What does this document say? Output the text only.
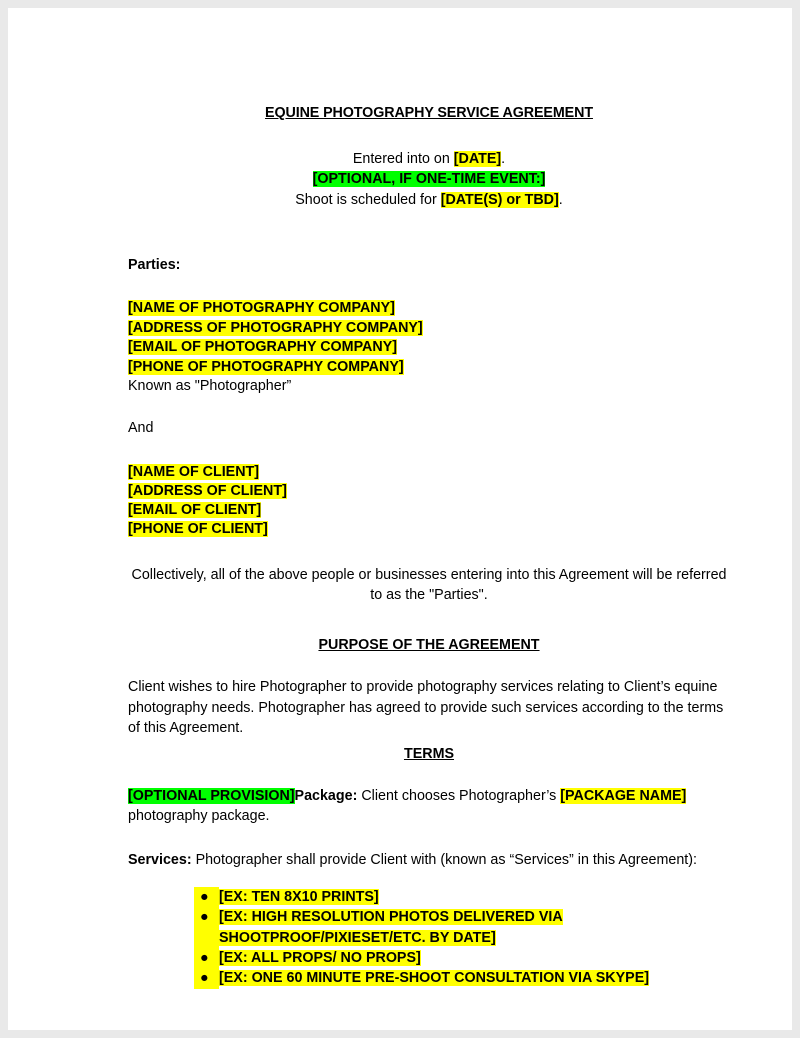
EQUINE PHOTOGRAPHY SERVICE AGREEMENT
Entered into on [DATE].
[OPTIONAL, IF ONE-TIME EVENT:]
Shoot is scheduled for [DATE(S) or TBD].
Parties:
[NAME OF PHOTOGRAPHY COMPANY]
[ADDRESS OF PHOTOGRAPHY COMPANY]
[EMAIL OF PHOTOGRAPHY COMPANY]
[PHONE OF PHOTOGRAPHY COMPANY]
Known as "Photographer”
And
[NAME OF CLIENT]
[ADDRESS OF CLIENT]
[EMAIL OF CLIENT]
[PHONE OF CLIENT]
Collectively, all of the above people or businesses entering into this Agreement will be referred to as the "Parties".
PURPOSE OF THE AGREEMENT
Client wishes to hire Photographer to provide photography services relating to Client’s equine photography needs. Photographer has agreed to provide such services according to the terms of this Agreement.
TERMS
[OPTIONAL PROVISION]Package: Client chooses Photographer’s [PACKAGE NAME] photography package.
Services: Photographer shall provide Client with (known as “Services” in this Agreement):
● [EX: TEN 8X10 PRINTS]
● [EX: HIGH RESOLUTION PHOTOS DELIVERED VIA SHOOTPROOF/PIXIESET/ETC. BY DATE]
● [EX: ALL PROPS/ NO PROPS]
● [EX: ONE 60 MINUTE PRE-SHOOT CONSULTATION VIA SKYPE]
